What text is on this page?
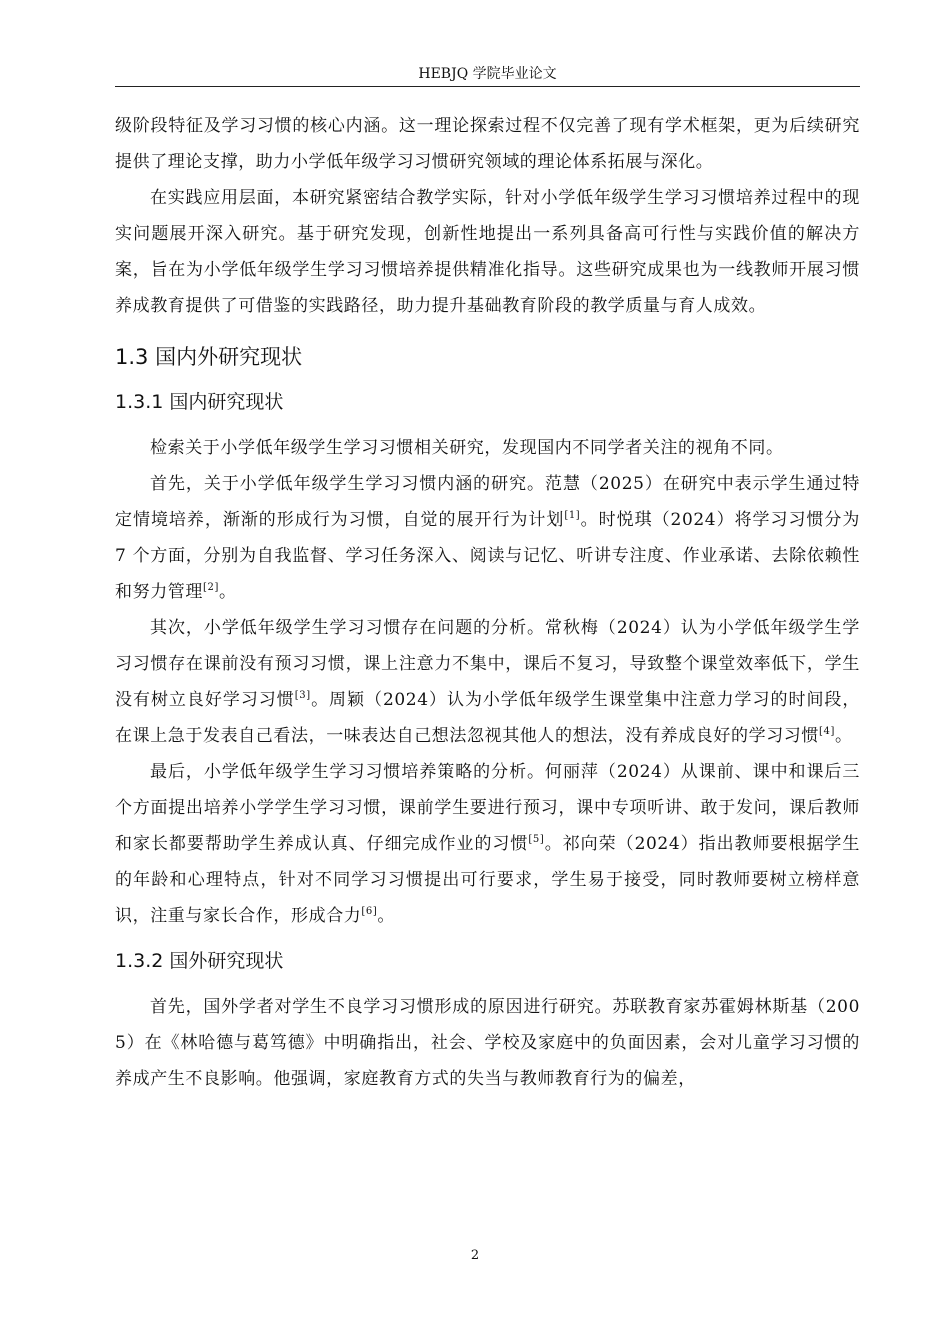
HEBJQ 学院毕业论文

级阶段特征及学习习惯的核心内涵。这一理论探索过程不仅完善了现有学术框架，更为后续研究提供了理论支撑，助力小学低年级学习习惯研究领域的理论体系拓展与深化。

在实践应用层面，本研究紧密结合教学实际，针对小学低年级学生学习习惯培养过程中的现实问题展开深入研究。基于研究发现，创新性地提出一系列具备高可行性与实践价值的解决方案，旨在为小学低年级学生学习习惯培养提供精准化指导。这些研究成果也为一线教师开展习惯养成教育提供了可借鉴的实践路径，助力提升基础教育阶段的教学质量与育人成效。

1.3 国内外研究现状
1.3.1 国内研究现状

检索关于小学低年级学生学习习惯相关研究，发现国内不同学者关注的视角不同。

首先，关于小学低年级学生学习习惯内涵的研究。范慧（2025）在研究中表示学生通过特定情境培养，渐渐的形成行为习惯，自觉的展开行为计划[1]。时悦琪（2024）将学习习惯分为 7 个方面，分别为自我监督、学习任务深入、阅读与记忆、听讲专注度、作业承诺、去除依赖性和努力管理[2]。

其次，小学低年级学生学习习惯存在问题的分析。常秋梅（2024）认为小学低年级学生学习习惯存在课前没有预习习惯，课上注意力不集中，课后不复习，导致整个课堂效率低下，学生没有树立良好学习习惯[3]。周颖（2024）认为小学低年级学生课堂集中注意力学习的时间段，在课上急于发表自己看法，一味表达自己想法忽视其他人的想法，没有养成良好的学习习惯[4]。

最后，小学低年级学生学习习惯培养策略的分析。何丽萍（2024）从课前、课中和课后三个方面提出培养小学学生学习习惯，课前学生要进行预习，课中专项听讲、敢于发问，课后教师和家长都要帮助学生养成认真、仔细完成作业的习惯[5]。祁向荣（2024）指出教师要根据学生的年龄和心理特点，针对不同学习习惯提出可行要求，学生易于接受，同时教师要树立榜样意识，注重与家长合作，形成合力[6]。

1.3.2 国外研究现状

首先，国外学者对学生不良学习习惯形成的原因进行研究。苏联教育家苏霍姆林斯基（2005）在《林哈德与葛笃德》中明确指出，社会、学校及家庭中的负面因素，会对儿童学习习惯的养成产生不良影响。他强调，家庭教育方式的失当与教师教育行为的偏差，

2
